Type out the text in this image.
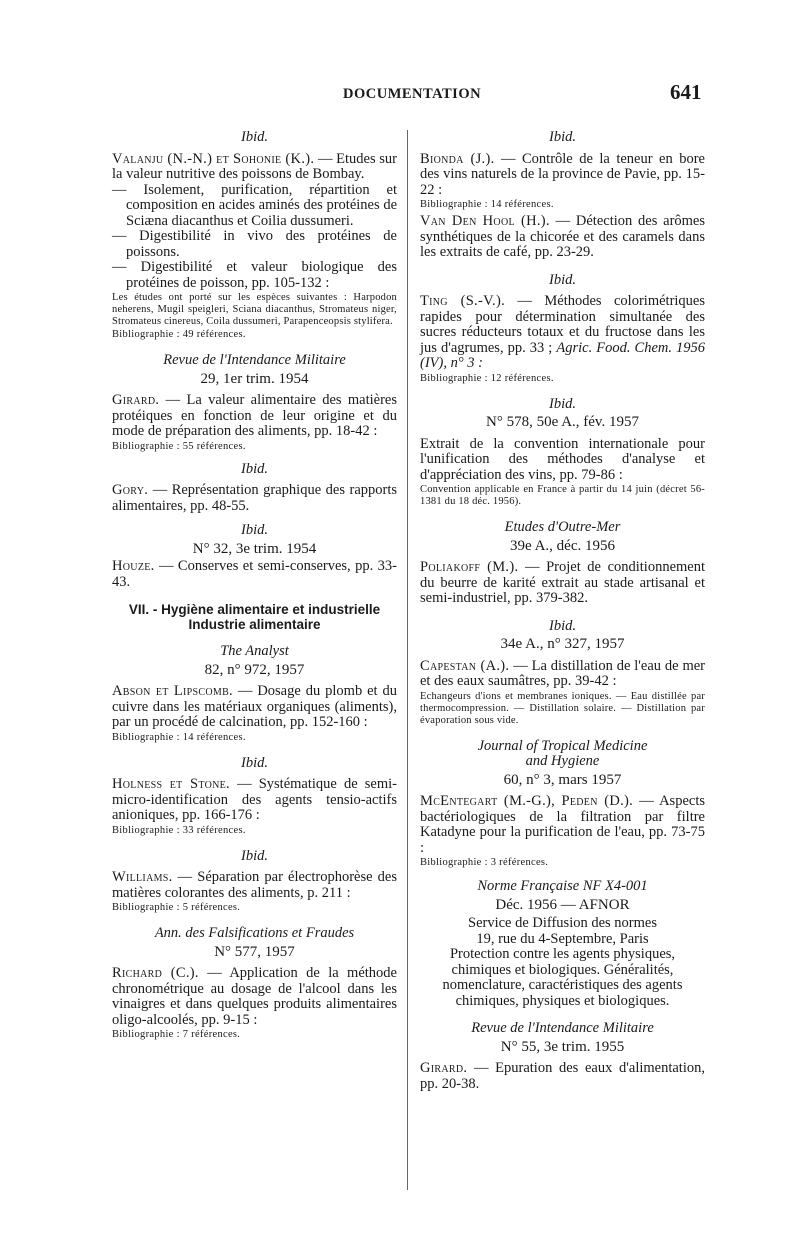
DOCUMENTATION	641
Ibid.

Valanju (N.-N.) et Sohonie (K.). — Etudes sur la valeur nutritive des poissons de Bombay.

— Isolement, purification, répartition et composition en acides aminés des protéines de Sciæna diacanthus et Coilia dussumeri.
— Digestibilité in vivo des protéines de poissons.
— Digestibilité et valeur biologique des protéines de poisson, pp. 105-132 :
Les études ont porté sur les espèces suivantes : Harpodon neherens, Mugil speigleri, Sciana diacanthus, Stromateus niger, Stromateus cinereus, Coila dussumeri, Parapenceopsis stylifera.
Bibliographie : 49 références.
Revue de l'Intendance Militaire
29, 1er trim. 1954

Girard. — La valeur alimentaire des matières protéiques en fonction de leur origine et du mode de préparation des aliments, pp. 18-42 :

Bibliographie : 55 références.
Ibid.

Gory. — Représentation graphique des rapports alimentaires, pp. 48-55.

Ibid.
N° 32, 3e trim. 1954

Houze. — Conserves et semi-conserves, pp. 33-43.

VII. - Hygiène alimentaire et industrielle
Industrie alimentaire
The Analyst
82, n° 972, 1957

Abson et Lipscomb. — Dosage du plomb et du cuivre dans les matériaux organiques (aliments), par un procédé de calcination, pp. 152-160 :

Bibliographie : 14 références.
Ibid.

Holness et Stone. — Systématique de semi-micro-identification des agents tensio-actifs anioniques, pp. 166-176 :

Bibliographie : 33 références.
Ibid.

Williams. — Séparation par électrophorèse des matières colorantes des aliments, p. 211 :

Bibliographie : 5 références.
Ann. des Falsifications et Fraudes
N° 577, 1957

Richard (C.). — Application de la méthode chronométrique au dosage de l'alcool dans les vinaigres et dans quelques produits alimentaires oligo-alcoolés, pp. 9-15 :

Bibliographie : 7 références.
Ibid.

Bionda (J.). — Contrôle de la teneur en bore des vins naturels de la province de Pavie, pp. 15-22 :

Bibliographie : 14 références.

Van Den Hool (H.). — Détection des arômes synthétiques de la chicorée et des caramels dans les extraits de café, pp. 23-29.

Ibid.

Ting (S.-V.). — Méthodes colorimétriques rapides pour détermination simultanée des sucres réducteurs totaux et du fructose dans les jus d'agrumes, pp. 33 ; Agric. Food. Chem. 1956 (IV), n° 3 :

Bibliographie : 12 références.
Ibid.
N° 578, 50e A., fév. 1957

Extrait de la convention internationale pour l'unification des méthodes d'analyse et d'appréciation des vins, pp. 79-86 :

Convention applicable en France à partir du 14 juin (décret 56-1381 du 18 déc. 1956).
Etudes d'Outre-Mer
39e A., déc. 1956

Poliakoff (M.). — Projet de conditionnement du beurre de karité extrait au stade artisanal et semi-industriel, pp. 379-382.

Ibid.
34e A., n° 327, 1957

Capestan (A.). — La distillation de l'eau de mer et des eaux saumâtres, pp. 39-42 :

Echangeurs d'ions et membranes ioniques. — Eau distillée par thermocompression. — Distillation solaire. — Distillation par évaporation sous vide.
Journal of Tropical Medicine
and Hygiene
60, n° 3, mars 1957

McEntegart (M.-G.), Peden (D.). — Aspects bactériologiques de la filtration par filtre Katadyne pour la purification de l'eau, pp. 73-75 :

Bibliographie : 3 références.
Norme Française NF X4-001
Déc. 1956 — AFNOR
Service de Diffusion des normes
19, rue du 4-Septembre, Paris
Protection contre les agents physiques, chimiques et biologiques. Généralités, nomenclature, caractéristiques des agents chimiques, physiques et biologiques.
Revue de l'Intendance Militaire
N° 55, 3e trim. 1955

Girard. — Epuration des eaux d'alimentation, pp. 20-38.
